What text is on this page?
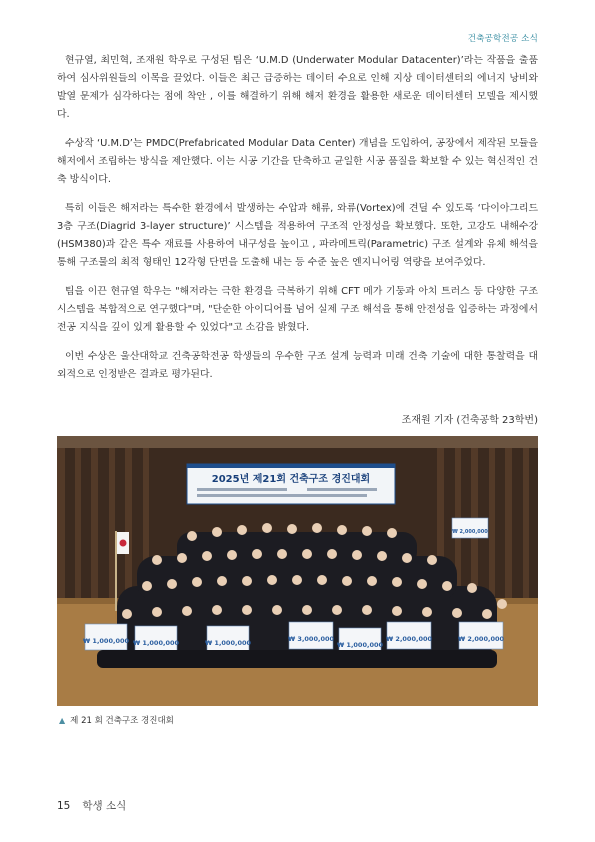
건축공학전공 소식

현규열, 최민혁, 조재원 학우로 구성된 팀은 ‘U.M.D (Underwater Modular Datacenter)’라는 작품을 출품하여 심사위원들의 이목을 끌었다. 이들은 최근 급증하는 데이터 수요로 인해 지상 데이터센터의 에너지 낭비와 발열 문제가 심각하다는 점에 착안 , 이를 해결하기 위해 해저 환경을 활용한 새로운 데이터센터 모델을 제시했다.

수상작 ‘U.M.D’는 PMDC(Prefabricated Modular Data Center) 개념을 도입하여, 공장에서 제작된 모듈을 해저에서 조립하는 방식을 제안했다. 이는 시공 기간을 단축하고 균일한 시공 품질을 확보할 수 있는 혁신적인 건축 방식이다.

특히 이들은 해저라는 특수한 환경에서 발생하는 수압과 해류, 와류(Vortex)에 견딜 수 있도록 ‘다이아그리드 3층 구조(Diagrid 3-layer structure)’ 시스템을 적용하여 구조적 안정성을 확보했다. 또한, 고강도 내해수강(HSM380)과 같은 특수 재료를 사용하여 내구성을 높이고 , 파라메트릭(Parametric) 구조 설계와 유체 해석을 통해 구조물의 최적 형태인 12각형 단면을 도출해 내는 등 수준 높은 엔지니어링 역량을 보여주었다.

팀을 이끈 현규열 학우는 "해저라는 극한 환경을 극복하기 위해 CFT 메가 기둥과 아치 트러스 등 다양한 구조 시스템을 복합적으로 연구했다"며, "단순한 아이디어를 넘어 실제 구조 해석을 통해 안전성을 입증하는 과정에서 전공 지식을 깊이 있게 활용할 수 있었다"고 소감을 밝혔다.

이번 수상은 울산대학교 건축공학전공 학생들의 우수한 구조 설계 능력과 미래 건축 기술에 대한 통찰력을 대외적으로 인정받은 결과로 평가된다.

조재원 기자 (건축공학 23학번)
2025년 제21회 건축구조 경진대회
₩ 2,000,000
₩ 1,000,000 ₩ 1,000,000	₩ 1,000,000	₩ 3,000,000
₩ 1,000,000
₩ 2,000,000	₩ 2,000,000
▲ 제 21 회 건축구조 경진대회
15 학생 소식
